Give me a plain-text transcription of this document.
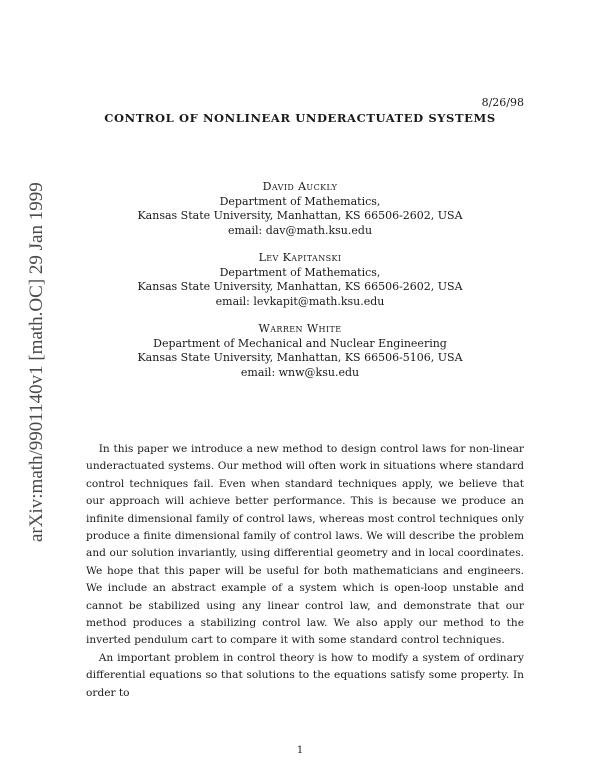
8/26/98
CONTROL OF NONLINEAR UNDERACTUATED SYSTEMS
arXiv:math/9901140v1 [math.OC] 29 Jan 1999	David Auckly
Department of Mathematics,
Kansas State University, Manhattan, KS 66506-2602, USA
email: dav@math.ksu.edu
Lev Kapitanski
Department of Mathematics,
Kansas State University, Manhattan, KS 66506-2602, USA
email: levkapit@math.ksu.edu
Warren White
Department of Mechanical and Nuclear Engineering
Kansas State University, Manhattan, KS 66506-5106, USA
email: wnw@ksu.edu

In this paper we introduce a new method to design control laws for non-linear underactuated systems. Our method will often work in situations where standard control techniques fail. Even when standard techniques apply, we believe that our approach will achieve better performance. This is because we produce an infinite dimensional family of control laws, whereas most control techniques only produce a finite dimensional family of control laws. We will describe the problem and our solution invariantly, using differential geometry and in local coordinates. We hope that this paper will be useful for both mathematicians and engineers. We include an abstract example of a system which is open-loop unstable and cannot be stabilized using any linear control law, and demonstrate that our method produces a stabilizing control law. We also apply our method to the inverted pendulum cart to compare it with some standard control techniques.

An important problem in control theory is how to modify a system of ordinary differential equations so that solutions to the equations satisfy some property. In order to

1
